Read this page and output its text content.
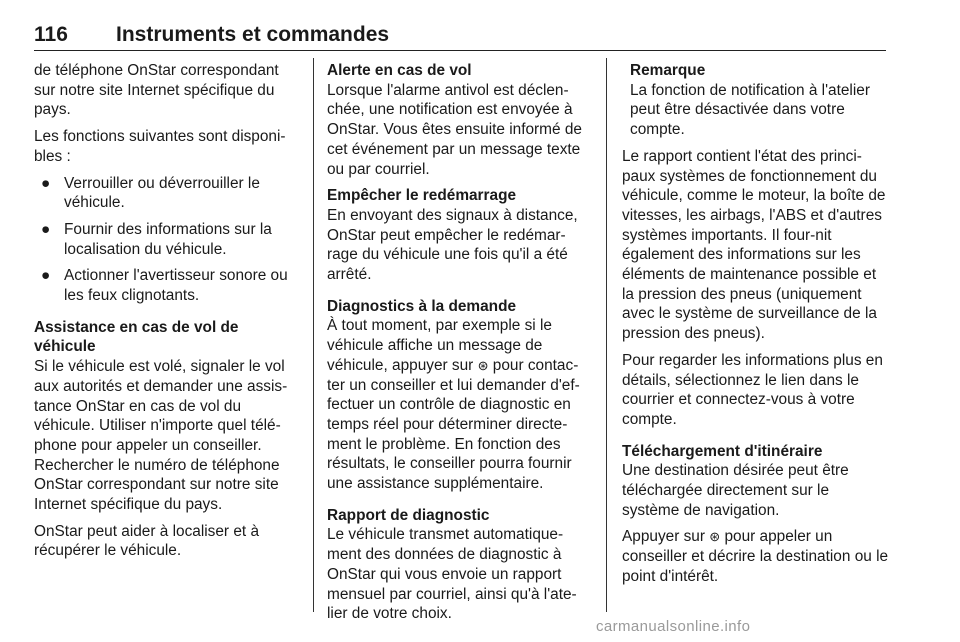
116 Instruments et commandes

de téléphone OnStar correspondant sur notre site Internet spécifique du pays.

Les fonctions suivantes sont disponi-bles :

● Verrouiller ou déverrouiller le véhicule.
● Fournir des informations sur la localisation du véhicule.
● Actionner l'avertisseur sonore ou les feux clignotants.
Assistance en cas de vol de véhicule

Si le véhicule est volé, signaler le vol aux autorités et demander une assis-tance OnStar en cas de vol du véhicule. Utiliser n'importe quel télé-phone pour appeler un conseiller. Rechercher le numéro de téléphone OnStar correspondant sur notre site Internet spécifique du pays.

OnStar peut aider à localiser et à récupérer le véhicule.

Alerte en cas de vol

Lorsque l'alarme antivol est déclen-chée, une notification est envoyée à OnStar. Vous êtes ensuite informé de cet événement par un message texte ou par courriel.

Empêcher le redémarrage

En envoyant des signaux à distance, OnStar peut empêcher le redémar-rage du véhicule une fois qu'il a été arrêté.

Diagnostics à la demande

À tout moment, par exemple si le véhicule affiche un message de véhicule, appuyer sur ⊛ pour contac-ter un conseiller et lui demander d'ef-fectuer un contrôle de diagnostic en temps réel pour déterminer directe-ment le problème. En fonction des résultats, le conseiller pourra fournir une assistance supplémentaire.

Rapport de diagnostic

Le véhicule transmet automatique-ment des données de diagnostic à OnStar qui vous envoie un rapport mensuel par courriel, ainsi qu'à l'ate-lier de votre choix.

Remarque
La fonction de notification à l'atelier peut être désactivée dans votre compte.

Le rapport contient l'état des princi-paux systèmes de fonctionnement du véhicule, comme le moteur, la boîte de vitesses, les airbags, l'ABS et d'autres systèmes importants. Il four-nit également des informations sur les éléments de maintenance possible et la pression des pneus (uniquement avec le système de surveillance de la pression des pneus).

Pour regarder les informations plus en détails, sélectionnez le lien dans le courrier et connectez-vous à votre compte.

Téléchargement d'itinéraire

Une destination désirée peut être téléchargée directement sur le système de navigation.

Appuyer sur ⊛ pour appeler un conseiller et décrire la destination ou le point d'intérêt.

carmanualsonline.info
